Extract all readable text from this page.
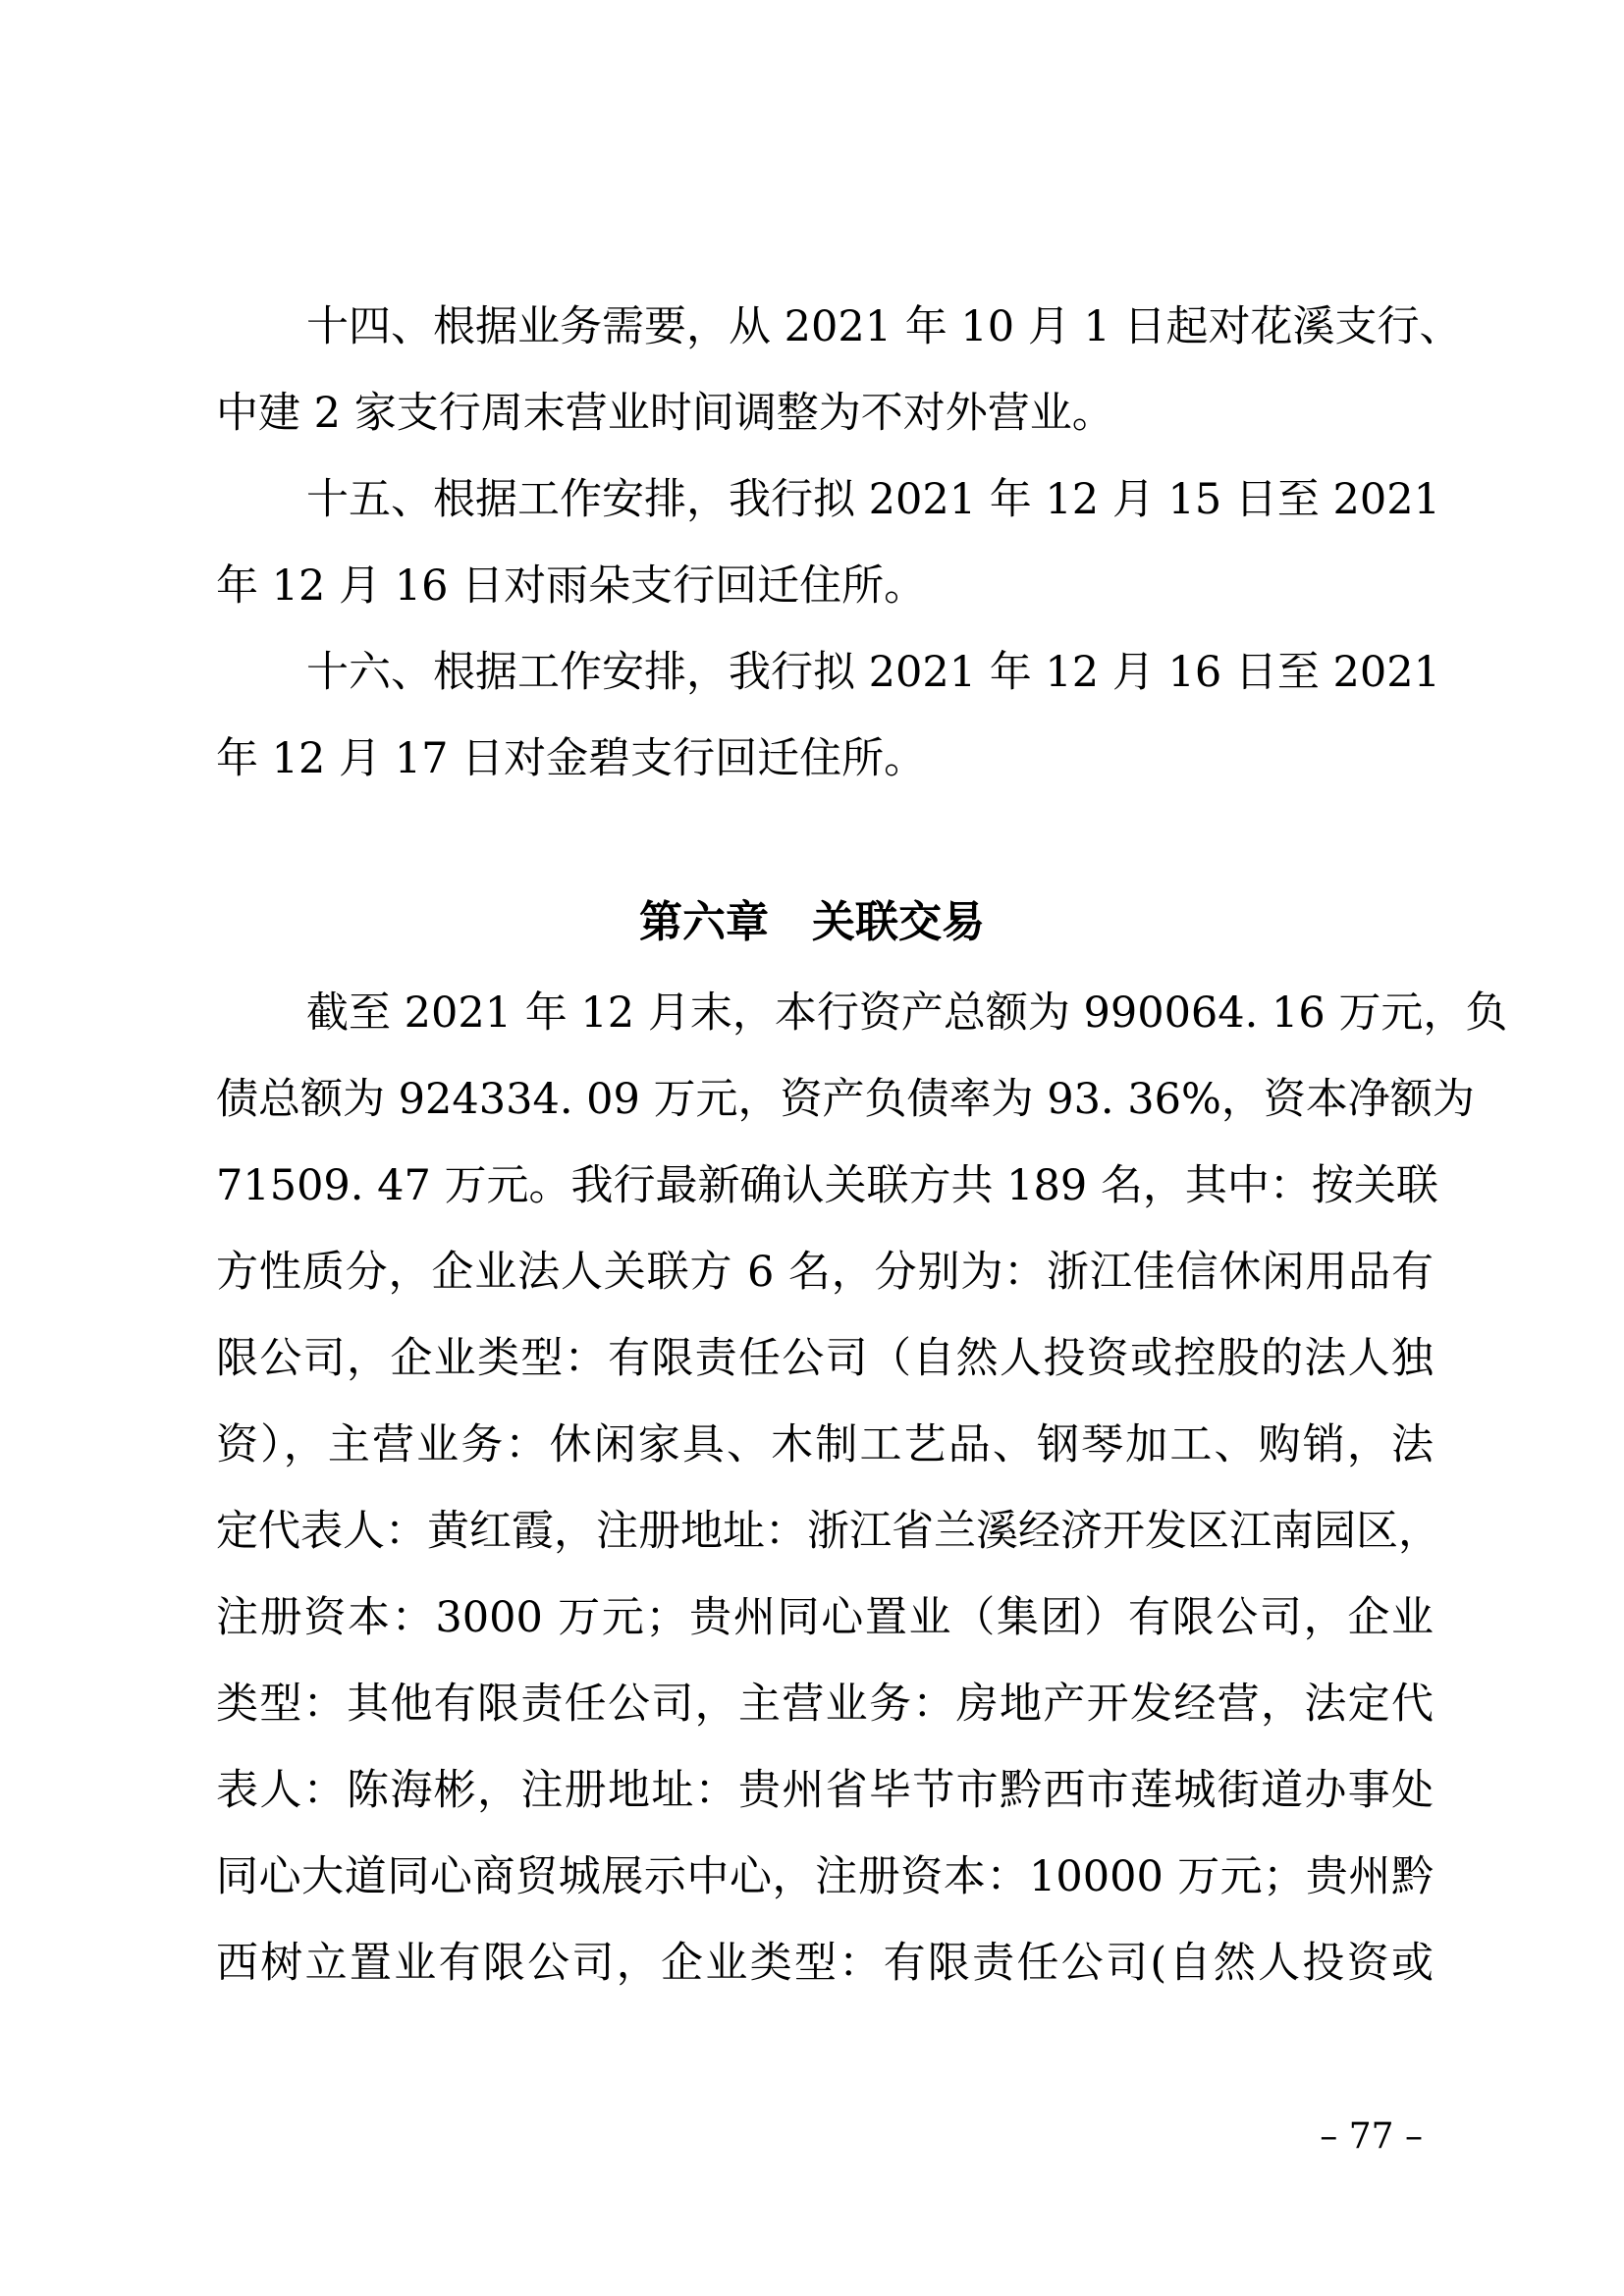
十四、根据业务需要，从 2021 年 10 月 1 日起对花溪支行、
中建 2 家支行周末营业时间调整为不对外营业。
十五、根据工作安排，我行拟 2021 年 12 月 15 日至 2021
年 12 月 16 日对雨朵支行回迁住所。
十六、根据工作安排，我行拟 2021 年 12 月 16 日至 2021
年 12 月 17 日对金碧支行回迁住所。
第六章　关联交易
截至 2021 年 12 月末，本行资产总额为 990064. 16 万元，负
债总额为 924334. 09 万元，资产负债率为 93. 36%，资本净额为
71509. 47 万元。我行最新确认关联方共 189 名，其中：按关联
方性质分，企业法人关联方 6 名，分别为：浙江佳信休闲用品有
限公司，企业类型：有限责任公司（自然人投资或控股的法人独
资），主营业务：休闲家具、木制工艺品、钢琴加工、购销，法
定代表人：黄红霞，注册地址：浙江省兰溪经济开发区江南园区，
注册资本：3000 万元；贵州同心置业（集团）有限公司，企业
类型：其他有限责任公司，主营业务：房地产开发经营，法定代
表人：陈海彬，注册地址：贵州省毕节市黔西市莲城街道办事处
同心大道同心商贸城展示中心，注册资本：10000 万元；贵州黔
西树立置业有限公司，企业类型：有限责任公司(自然人投资或
– 77 –
